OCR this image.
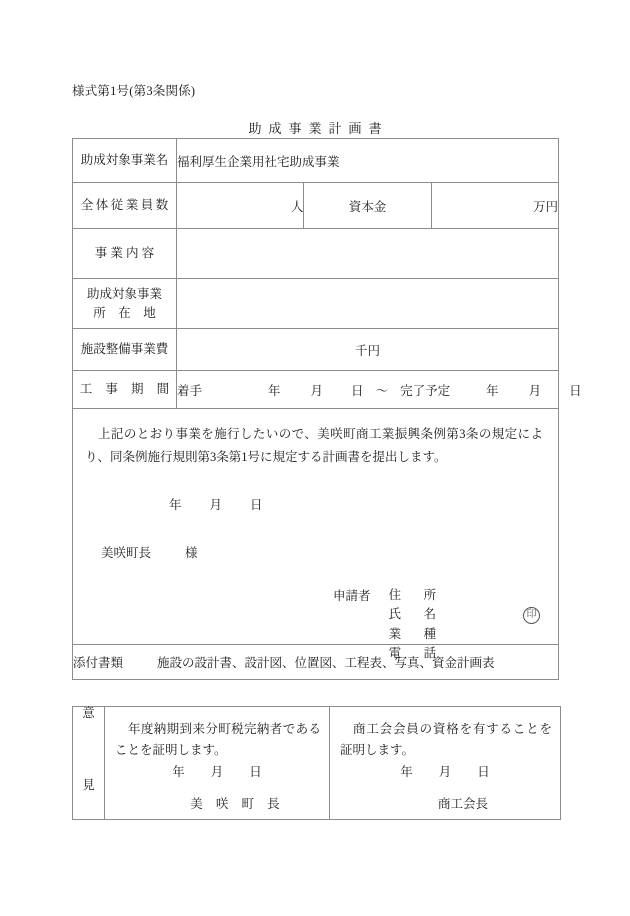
様式第1号(第3条関係)
助成事業計画書
助成対象事業名	福利厚生企業用社宅助成事業		
全体従業員数	人	資本金	万円
事 業 内 容			

助成対象事業
所　在　地			

施設整備事業費	千円		
工 事 期 間	着手 年 月 日 〜 完了予定 年 月 日		

上記のとおり事業を施行したいので、美咲町商工業振興条例第3条の規定により、同条例施行規則第3条第1号に規定する計画書を提出します。
年 月 日
美咲町長	様
申請者	住　所
氏　名
業　種
電　話
印

添付書類 施設の設計書、設計図、位置図、工程表、写真、資金計画表			
意
見

年度納期到来分町税完納者であることを証明します。
年 月 日
美 咲 町 長

商工会会員の資格を有することを証明します。
年 月 日
商工会長
